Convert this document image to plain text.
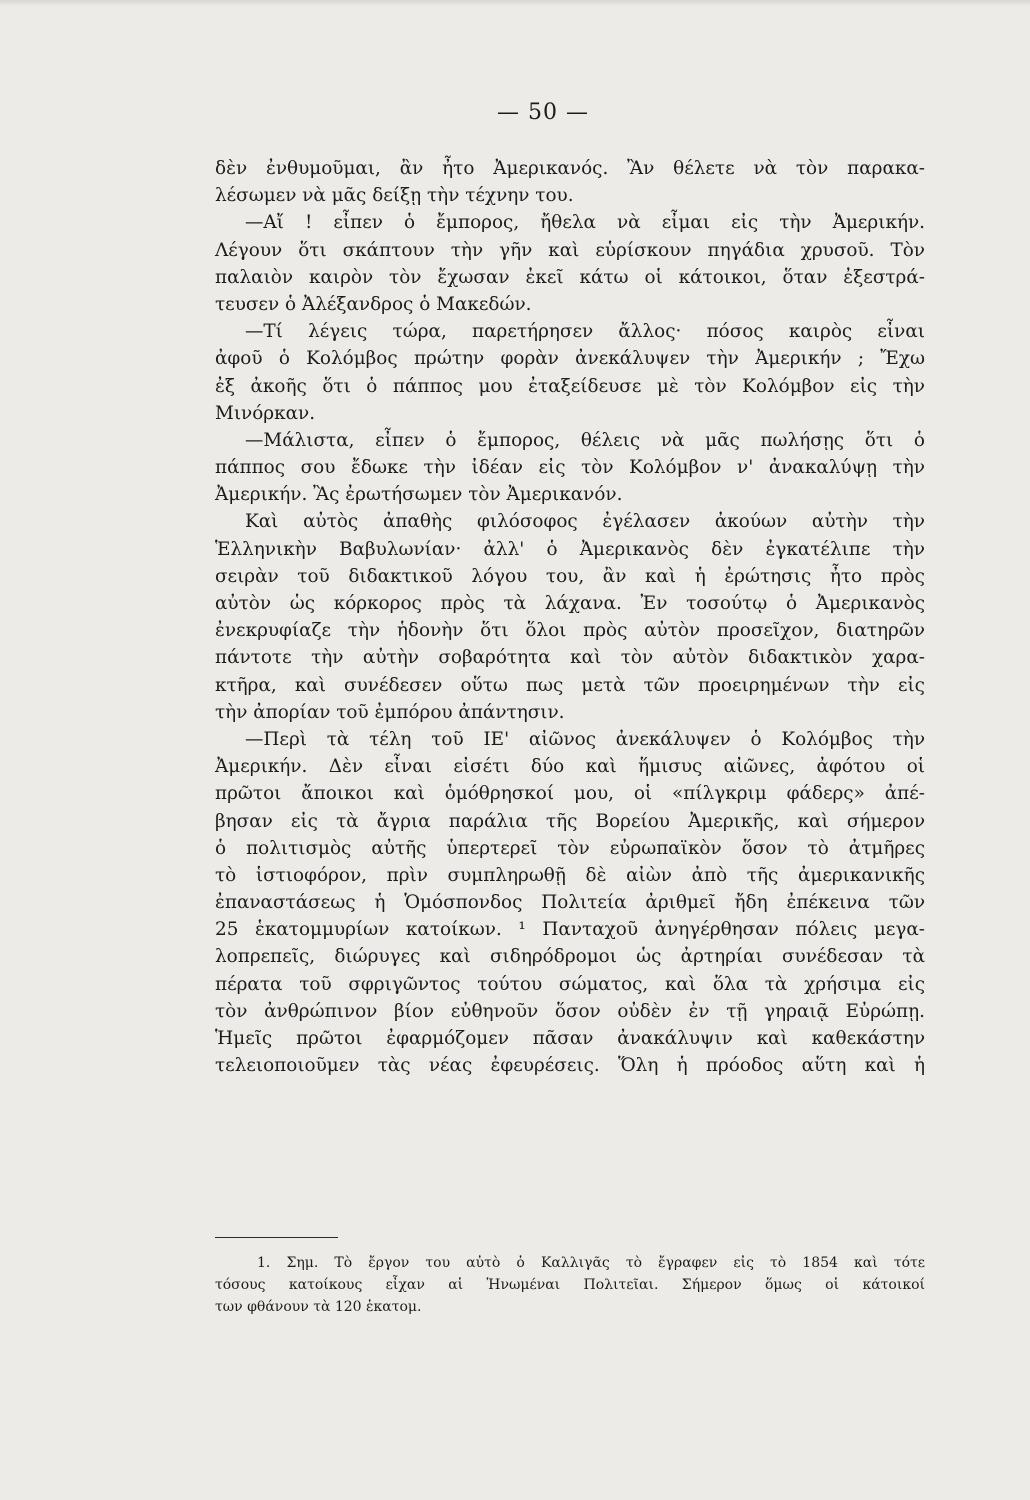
— 50 —
δὲν ἐνθυμοῦμαι, ἂν ἦτο Ἀμερικανός. Ἂν θέλετε νὰ τὸν παρακα-
λέσωμεν νὰ μᾶς δείξῃ τὴν τέχνην του.
—Αἴ ! εἶπεν ὁ ἔμπορος, ἤθελα νὰ εἶμαι εἰς τὴν Ἀμερικήν.
Λέγουν ὅτι σκάπτουν τὴν γῆν καὶ εὑρίσκουν πηγάδια χρυσοῦ. Τὸν
παλαιὸν καιρὸν τὸν ἔχωσαν ἐκεῖ κάτω οἱ κάτοικοι, ὅταν ἐξεστρά-
τευσεν ὁ Ἀλέξανδρος ὁ Μακεδών.
—Τί λέγεις τώρα, παρετήρησεν ἄλλος· πόσος καιρὸς εἶναι
ἀφοῦ ὁ Κολόμβος πρώτην φορὰν ἀνεκάλυψεν τὴν Ἀμερικήν ; Ἔχω
ἐξ ἀκοῆς ὅτι ὁ πάππος μου ἐταξείδευσε μὲ τὸν Κολόμβον εἰς τὴν
Μινόρκαν.
—Μάλιστα, εἶπεν ὁ ἔμπορος, θέλεις νὰ μᾶς πωλήσῃς ὅτι ὁ
πάππος σου ἔδωκε τὴν ἰδέαν εἰς τὸν Κολόμβον ν' ἀνακαλύψῃ τὴν
Ἀμερικήν. Ἂς ἐρωτήσωμεν τὸν Ἀμερικανόν.
Καὶ αὐτὸς ἀπαθὴς φιλόσοφος ἐγέλασεν ἀκούων αὐτὴν τὴν
Ἑλληνικὴν Βαβυλωνίαν· ἀλλ' ὁ Ἀμερικανὸς δὲν ἐγκατέλιπε τὴν
σειρὰν τοῦ διδακτικοῦ λόγου του, ἂν καὶ ἡ ἐρώτησις ἦτο πρὸς
αὐτὸν ὡς κόρκορος πρὸς τὰ λάχανα. Ἐν τοσούτῳ ὁ Ἀμερικανὸς
ἐνεκρυφίαζε τὴν ἡδονὴν ὅτι ὅλοι πρὸς αὐτὸν προσεῖχον, διατηρῶν
πάντοτε τὴν αὐτὴν σοβαρότητα καὶ τὸν αὐτὸν διδακτικὸν χαρα-
κτῆρα, καὶ συνέδεσεν οὕτω πως μετὰ τῶν προειρημένων τὴν εἰς
τὴν ἀπορίαν τοῦ ἐμπόρου ἀπάντησιν.
—Περὶ τὰ τέλη τοῦ ΙΕ' αἰῶνος ἀνεκάλυψεν ὁ Κολόμβος τὴν
Ἀμερικήν. Δὲν εἶναι εἰσέτι δύο καὶ ἥμισυς αἰῶνες, ἀφότου οἱ
πρῶτοι ἄποικοι καὶ ὁμόθρησκοί μου, οἱ «πίλγκριμ φάδερς» ἀπέ-
βησαν εἰς τὰ ἄγρια παράλια τῆς Βορείου Ἀμερικῆς, καὶ σήμερον
ὁ πολιτισμὸς αὐτῆς ὑπερτερεῖ τὸν εὐρωπαϊκὸν ὅσον τὸ ἀτμῆρες
τὸ ἱστιοφόρον, πρὶν συμπληρωθῇ δὲ αἰὼν ἀπὸ τῆς ἀμερικανικῆς
ἐπαναστάσεως ἡ Ὁμόσπονδος Πολιτεία ἀριθμεῖ ἤδη ἐπέκεινα τῶν
25 ἑκατομμυρίων κατοίκων. ¹ Πανταχοῦ ἀνηγέρθησαν πόλεις μεγα-
λοπρεπεῖς, διώρυγες καὶ σιδηρόδρομοι ὡς ἀρτηρίαι συνέδεσαν τὰ
πέρατα τοῦ σφριγῶντος τούτου σώματος, καὶ ὅλα τὰ χρήσιμα εἰς
τὸν ἀνθρώπινον βίον εὐθηνοῦν ὅσον οὐδὲν ἐν τῇ γηραιᾷ Εὐρώπῃ.
Ἡμεῖς πρῶτοι ἐφαρμόζομεν πᾶσαν ἀνακάλυψιν καὶ καθεκάστην
τελειοποιοῦμεν τὰς νέας ἐφευρέσεις. Ὅλη ἡ πρόοδος αὕτη καὶ ἡ
1. Σημ. Τὸ ἔργον του αὐτὸ ὁ Καλλιγᾶς τὸ ἔγραφεν εἰς τὸ 1854 καὶ τότε
τόσους κατοίκους εἶχαν αἱ Ἡνωμέναι Πολιτεῖαι. Σήμερον ὅμως οἱ κάτοικοί
των φθάνουν τὰ 120 ἑκατομ.
